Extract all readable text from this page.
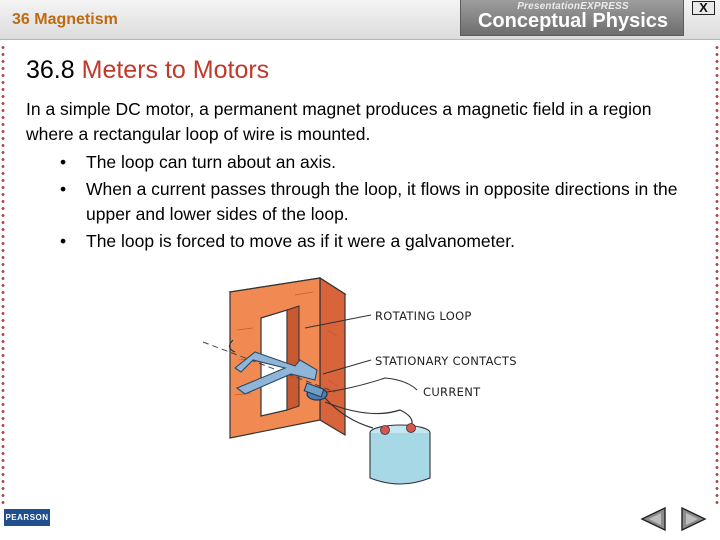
36 Magnetism
PresentationEXPRESS
Conceptual Physics
X
36.8 Meters to Motors
In a simple DC motor, a permanent magnet produces a magnetic field in a region where a rectangular loop of wire is mounted.
• The loop can turn about an axis.
• When a current passes through the loop, it flows in opposite directions in the upper and lower sides of the loop.
• The loop is forced to move as if it were a galvanometer.
ROTATING LOOP
STATIONARY CONTACTS
CURRENT
PEARSON
